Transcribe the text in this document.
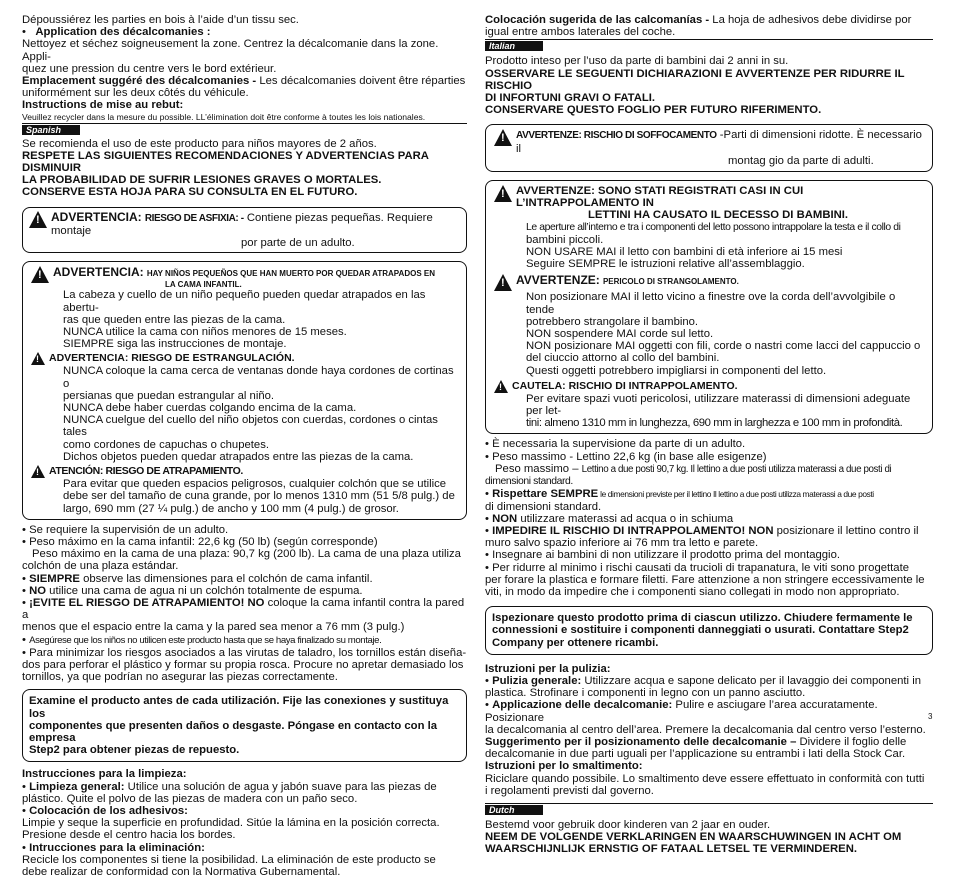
Dépoussiérez les parties en bois à l’aide d’un tissu sec.

•   Application des décalcomanies :

Nettoyez et séchez soigneusement la zone. Centrez la décalcomanie dans la zone. Appli-

quez une pression du centre vers le bord extérieur.

Emplacement suggéré des décalcomanies - Les décalcomanies doivent être réparties

uniformément sur les deux côtés du véhicule.

Instructions de mise au rebut:

Veuillez recycler dans la mesure du possible. LL’élimination doit être conforme à toutes les lois nationales.

Spanish

Se recomienda el uso de este producto para niños mayores de 2 años.

RESPETE LAS SIGUIENTES RECOMENDACIONES Y ADVERTENCIAS PARA DISMINUIR

LA PROBABILIDAD DE SUFRIR LESIONES GRAVES O MORTALES.

CONSERVE ESTA HOJA PARA SU CONSULTA EN EL FUTURO.

!
ADVERTENCIA: RIESGO DE ASFIXIA: - Contiene piezas pequeñas. Requiere montaje
por parte de un adulto.
!
ADVERTENCIA: HAY NIÑOS PEQUEÑOS QUE HAN MUERTO POR QUEDAR ATRAPADOS EN
LA CAMA INFANTIL.

La cabeza y cuello de un niño pequeño pueden quedar atrapados en las abertu-

ras que queden entre las piezas de la cama.

NUNCA utilice la cama con niños menores de 15 meses.

SIEMPRE siga las instrucciones de montaje.

!
ADVERTENCIA: RIESGO DE ESTRANGULACIÓN.

NUNCA coloque la cama cerca de ventanas donde haya cordones de cortinas o

persianas que puedan estrangular al niño.

NUNCA debe haber cuerdas colgando encima de la cama.

NUNCA cuelgue del cuello del niño objetos con cuerdas, cordones o cintas tales

como cordones de capuchas o chupetes.

Dichos objetos pueden quedar atrapados entre las piezas de la cama.

!
ATENCIÓN: RIESGO DE ATRAPAMIENTO.

Para evitar que queden espacios peligrosos, cualquier colchón que se utilice

debe ser del tamaño de cuna grande, por lo menos 1310 mm (51 5/8 pulg.) de

largo, 690 mm (27 ¼ pulg.) de ancho y 100 mm (4 pulg.) de grosor.

• Se requiere la supervisión de un adulto.

• Peso máximo en la cama infantil: 22,6 kg (50 lb) (según corresponde)

Peso máximo en la cama de una plaza: 90,7 kg (200 lb). La cama de una plaza utiliza

colchón de una plaza estándar.

• SIEMPRE observe las dimensiones para el colchón de cama infantil.

• NO utilice una cama de agua ni un colchón totalmente de espuma.

• ¡EVITE EL RIESGO DE ATRAPAMIENTO! NO coloque la cama infantil contra la pared a

menos que el espacio entre la cama y la pared sea menor a 76 mm (3 pulg.)

• Asegúrese que los niños no utilicen este producto hasta que se haya finalizado su montaje.

• Para minimizar los riesgos asociados a las virutas de taladro, los tornillos están diseña-

dos para perforar el plástico y formar su propia rosca. Procure no apretar demasiado los

tornillos, ya que podrían no asegurar las piezas correctamente.

Examine el producto antes de cada utilización. Fije las conexiones y sustituya los

componentes que presenten daños o desgaste. Póngase en contacto con la empresa

Step2 para obtener piezas de repuesto.

Instrucciones para la limpieza:

• Limpieza general: Utilice una solución de agua y jabón suave para las piezas de

plástico. Quite el polvo de las piezas de madera con un paño seco.

• Colocación de los adhesivos:

Limpie y seque la superficie en profundidad. Sitúe la lámina en la posición correcta.

Presione desde el centro hacia los bordes.

• Intrucciones para la eliminación:

Recicle los componentes si tiene la posibilidad. La eliminación de este producto se

debe realizar de conformidad con la Normativa Gubernamental.

Colocación sugerida de las calcomanías - La hoja de adhesivos debe dividirse por

igual entre ambos laterales del coche.

Italian

Prodotto inteso per l’uso da parte di bambini dai 2 anni in su.

OSSERVARE LE SEGUENTI DICHIARAZIONI E AVVERTENZE PER RIDURRE IL RISCHIO

DI INFORTUNI GRAVI O FATALI.

CONSERVARE QUESTO FOGLIO PER FUTURO RIFERIMENTO.

!
AVVERTENZE: RISCHIO DI SOFFOCAMENTO -Parti di dimensioni ridotte. È necessario il
montag gio da parte di adulti.
!
AVVERTENZE: SONO STATI REGISTRATI CASI IN CUI L’INTRAPPOLAMENTO IN
LETTINI HA CAUSATO IL DECESSO DI BAMBINI.

Le aperture all’interno e tra i componenti del letto possono intrappolare la testa e il collo di

bambini piccoli.

NON USARE MAI il letto con bambini di età inferiore ai 15 mesi

Seguire SEMPRE le istruzioni relative all’assemblaggio.

!
AVVERTENZE: PERICOLO DI STRANGOLAMENTO.

Non posizionare MAI il letto vicino a finestre ove la corda dell’avvolgibile o tende

potrebbero strangolare il bambino.

NON sospendere MAI corde sul letto.

NON posizionare MAI oggetti con fili, corde o nastri come lacci del cappuccio o

del ciuccio attorno al collo del bambini.

Questi oggetti potrebbero impigliarsi in componenti del letto.

!
CAUTELA: RISCHIO DI INTRAPPOLAMENTO.

Per evitare spazi vuoti pericolosi, utilizzare materassi di dimensioni adeguate per let-

tini: almeno 1310 mm in lunghezza, 690 mm in larghezza e 100 mm in profondità.

• È necessaria la supervisione da parte di un adulto.

• Peso massimo - Lettino 22,6 kg (in base alle esigenze)

Peso massimo – Lettino a due posti 90,7 kg. Il lettino a due posti utilizza materassi a due posti di

dimensioni standard.

• Rispettare SEMPRE le dimensioni previste per il lettino Il lettino a due posti utilizza materassi a due posti

di dimensioni standard.

• NON utilizzare materassi ad acqua o in schiuma

• IMPEDIRE IL RISCHIO DI INTRAPPOLAMENTO! NON posizionare il lettino contro il

muro salvo spazio inferiore ai 76 mm tra letto e parete.

• Insegnare ai bambini di non utilizzare il prodotto prima del montaggio.

• Per ridurre al minimo i rischi causati da trucioli di trapanatura, le viti sono progettate

per forare la plastica e formare filetti. Fare attenzione a non stringere eccessivamente le

viti, in modo da impedire che i componenti siano collegati in modo non appropriato.

Ispezionare questo prodotto prima di ciascun utilizzo. Chiudere fermamente le

connessioni e sostituire i componenti danneggiati o usurati. Contattare Step2

Company per ottenere ricambi.

Istruzioni per la pulizia:

• Pulizia generale: Utilizzare acqua e sapone delicato per il lavaggio dei componenti in

plastica. Strofinare i componenti in legno con un panno asciutto.

• Applicazione delle decalcomanie: Pulire e asciugare l’area accuratamente. Posizionare

la decalcomania al centro dell’area. Premere la decalcomania dal centro verso l’esterno.

Suggerimento per il posizionamento delle decalcomanie – Dividere il foglio delle

decalcomanie in due parti uguali per l’applicazione su entrambi i lati della Stock Car.

Istruzioni per lo smaltimento:

Riciclare quando possibile. Lo smaltimento deve essere effettuato in conformità con tutti

i regolamenti previsti dal governo.

Dutch

Bestemd voor gebruik door kinderen van 2 jaar en ouder.

NEEM DE VOLGENDE VERKLARINGEN EN WAARSCHUWINGEN IN ACHT OM

WAARSCHIJNLIJK ERNSTIG OF FATAAL LETSEL TE VERMINDEREN.

3
